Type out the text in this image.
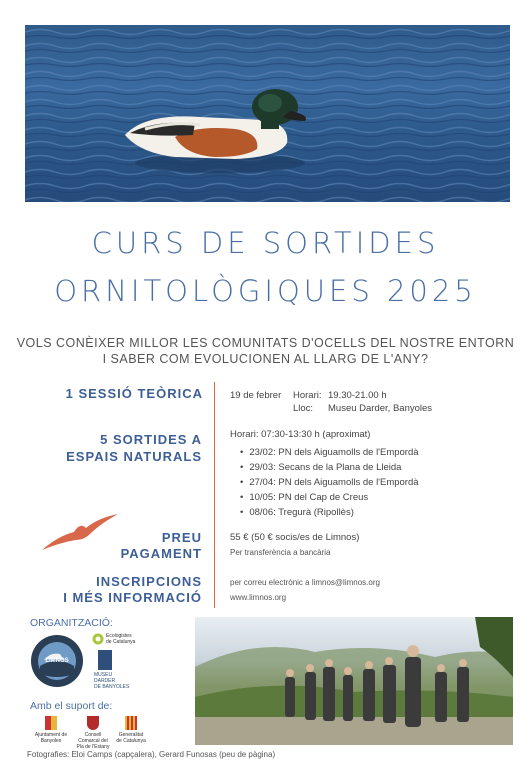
CURS DE SORTIDES
ORNITOLÒGIQUES 2025
VOLS CONÈIXER MILLOR LES COMUNITATS D'OCELLS DEL NOSTRE ENTORN
I SABER COM EVOLUCIONEN AL LLARG DE L'ANY?
1 SESSIÓ TEÒRICA	19 de febrer Horari: 19.30-21.00 h
Lloc: Museu Darder, Banyoles
5 SORTIDES A
ESPAIS NATURALS
Horari: 07:30-13:30 h (aproximat)
• 23/02: PN dels Aiguamolls de l'Empordà
• 29/03: Secans de la Plana de Lleida
• 27/04: PN dels Aiguamolls de l'Empordà
• 10/05: PN del Cap de Creus
• 08/06: Tregurà (Ripollès)
PREU
PAGAMENT
55 € (50 € socis/es de Limnos)
Per transferència a bancària
INSCRIPCIONS
I MÉS INFORMACIÓ
per correu electrònic a limnos@limnos.org
www.limnos.org
ORGANITZACIÓ:
LIMNOS
Ecologistes de Catalunya
MUSEU DARDER
DE BANYOLES
Amb el suport de:
Ajuntament de Banyoles
Consell Comarcal del Pla de l'Estany
Generalitat de Catalunya
Fotografies: Eloi Camps (capçalera), Gerard Funosas (peu de pàgina)
